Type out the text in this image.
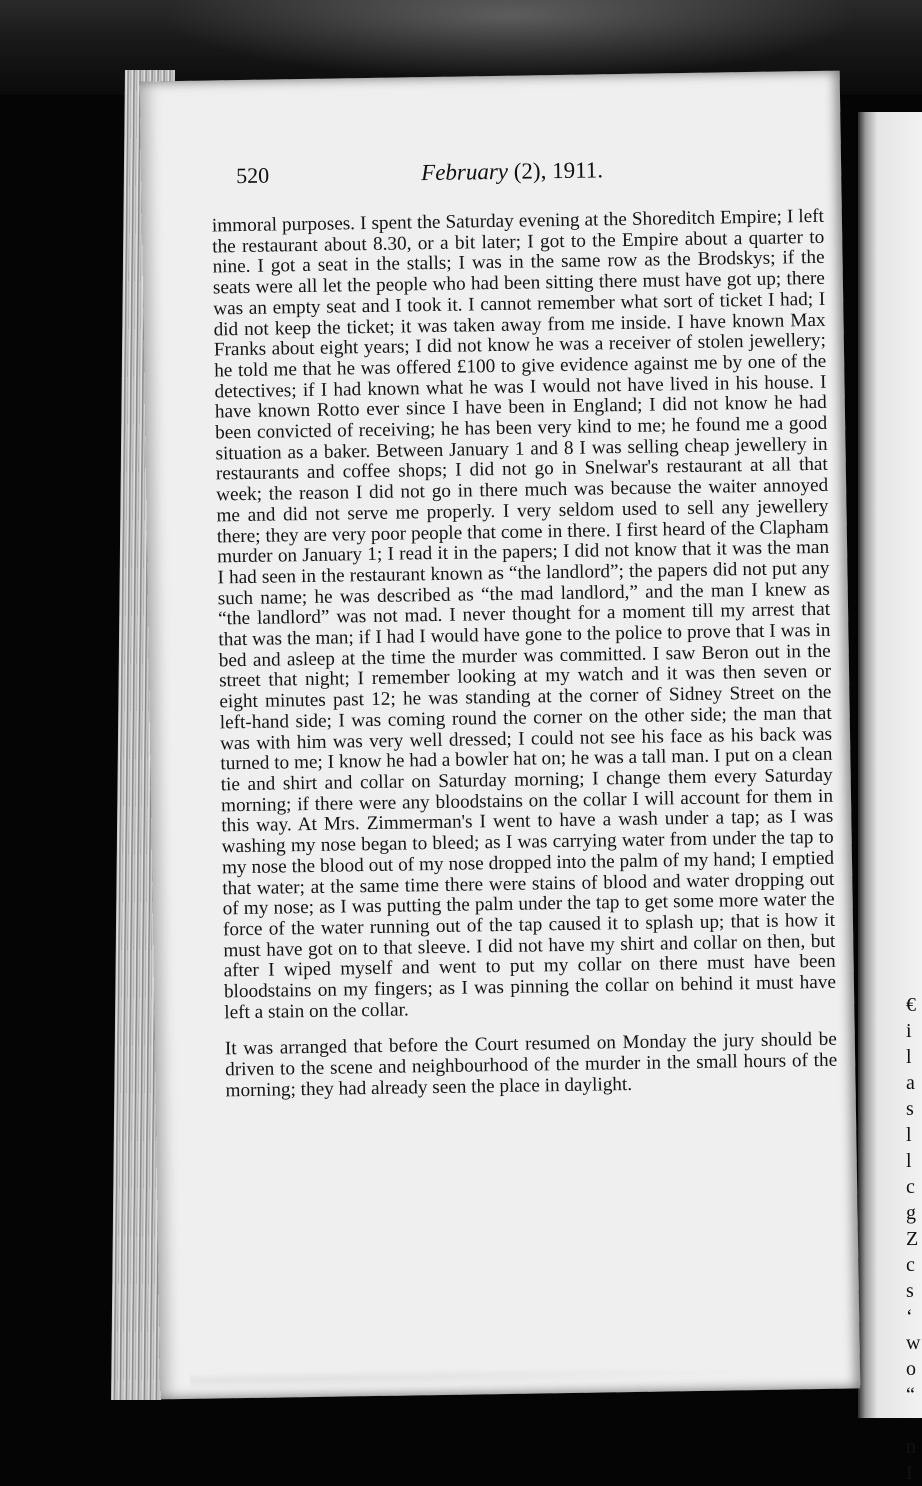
€
i
l
a
s
l
l
c
g
Z
c
s
‘
w
o
“

n
I
520	February (2), 1911.

immoral purposes. I spent the Saturday evening at the Shoreditch Empire; I left the restaurant about 8.30, or a bit later; I got to the Empire about a quarter to nine. I got a seat in the stalls; I was in the same row as the Brodskys; if the seats were all let the people who had been sitting there must have got up; there was an empty seat and I took it. I cannot remember what sort of ticket I had; I did not keep the ticket; it was taken away from me inside. I have known Max Franks about eight years; I did not know he was a receiver of stolen jewellery; he told me that he was offered £100 to give evidence against me by one of the detectives; if I had known what he was I would not have lived in his house. I have known Rotto ever since I have been in England; I did not know he had been convicted of receiving; he has been very kind to me; he found me a good situation as a baker. Between January 1 and 8 I was selling cheap jewellery in restaurants and coffee shops; I did not go in Snelwar's restaurant at all that week; the reason I did not go in there much was because the waiter annoyed me and did not serve me properly. I very seldom used to sell any jewellery there; they are very poor people that come in there. I first heard of the Clapham murder on January 1; I read it in the papers; I did not know that it was the man I had seen in the restaurant known as “the landlord”; the papers did not put any such name; he was described as “the mad landlord,” and the man I knew as “the landlord” was not mad. I never thought for a moment till my arrest that that was the man; if I had I would have gone to the police to prove that I was in bed and asleep at the time the murder was committed. I saw Beron out in the street that night; I remember looking at my watch and it was then seven or eight minutes past 12; he was standing at the corner of Sidney Street on the left-hand side; I was coming round the corner on the other side; the man that was with him was very well dressed; I could not see his face as his back was turned to me; I know he had a bowler hat on; he was a tall man. I put on a clean tie and shirt and collar on Saturday morning; I change them every Saturday morning; if there were any bloodstains on the collar I will account for them in this way. At Mrs. Zimmerman's I went to have a wash under a tap; as I was washing my nose began to bleed; as I was carrying water from under the tap to my nose the blood out of my nose dropped into the palm of my hand; I emptied that water; at the same time there were stains of blood and water dropping out of my nose; as I was putting the palm under the tap to get some more water the force of the water running out of the tap caused it to splash up; that is how it must have got on to that sleeve. I did not have my shirt and collar on then, but after I wiped myself and went to put my collar on there must have been bloodstains on my fingers; as I was pinning the collar on behind it must have left a stain on the collar.

It was arranged that before the Court resumed on Monday the jury should be driven to the scene and neighbourhood of the murder in the small hours of the morning; they had already seen the place in daylight.
